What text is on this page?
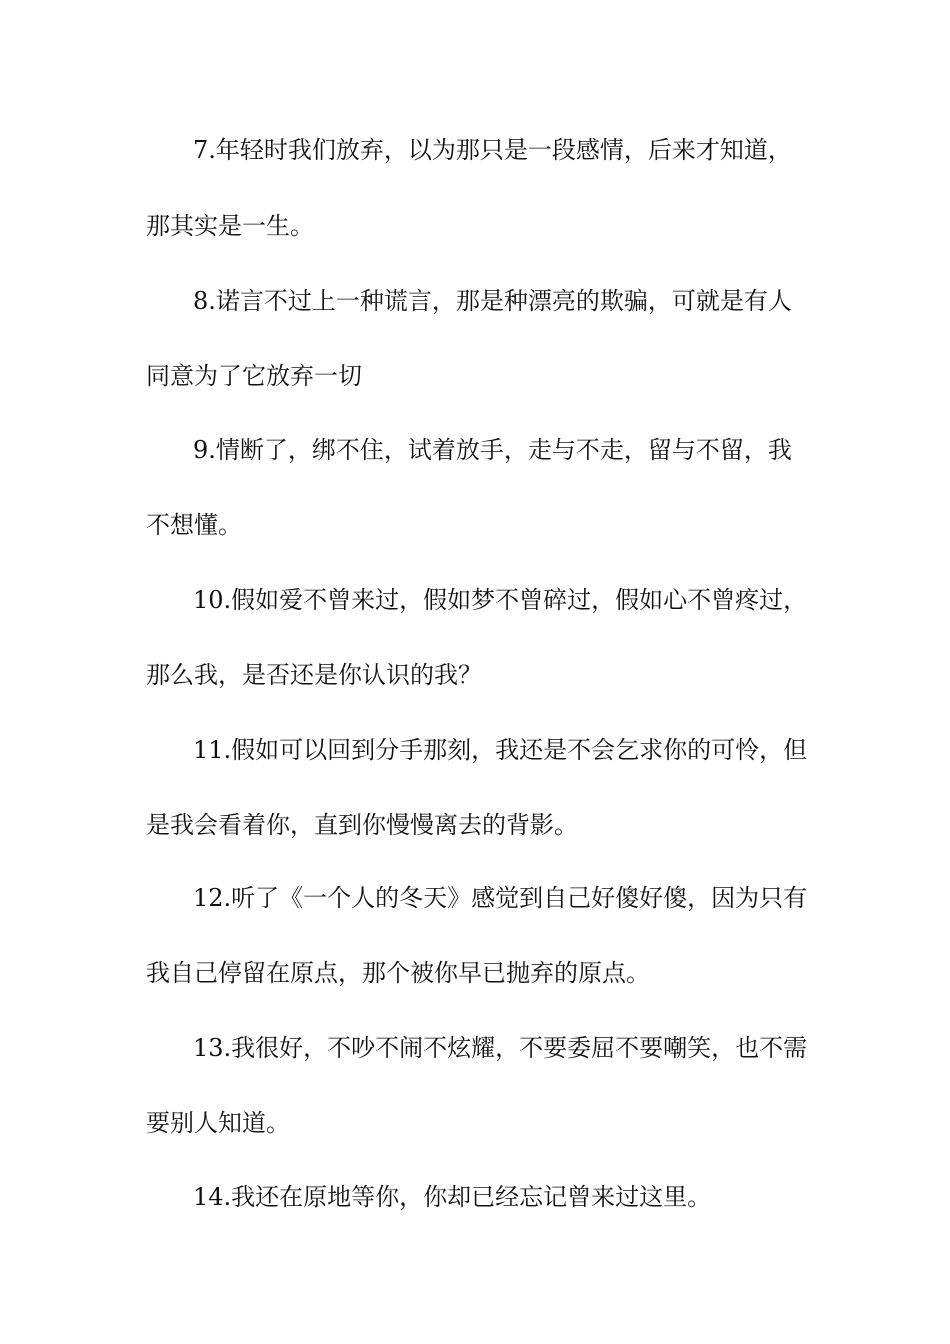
7.年轻时我们放弃，以为那只是一段感情，后来才知道，
那其实是一生。
8.诺言不过上一种谎言，那是种漂亮的欺骗，可就是有人
同意为了它放弃一切
9.情断了，绑不住，试着放手，走与不走，留与不留，我
不想懂。
10.假如爱不曾来过，假如梦不曾碎过，假如心不曾疼过，
那么我，是否还是你认识的我？
11.假如可以回到分手那刻，我还是不会乞求你的可怜，但
是我会看着你，直到你慢慢离去的背影。
12.听了《一个人的冬天》感觉到自己好傻好傻，因为只有
我自己停留在原点，那个被你早已抛弃的原点。
13.我很好，不吵不闹不炫耀，不要委屈不要嘲笑，也不需
要别人知道。
14.我还在原地等你，你却已经忘记曾来过这里。
